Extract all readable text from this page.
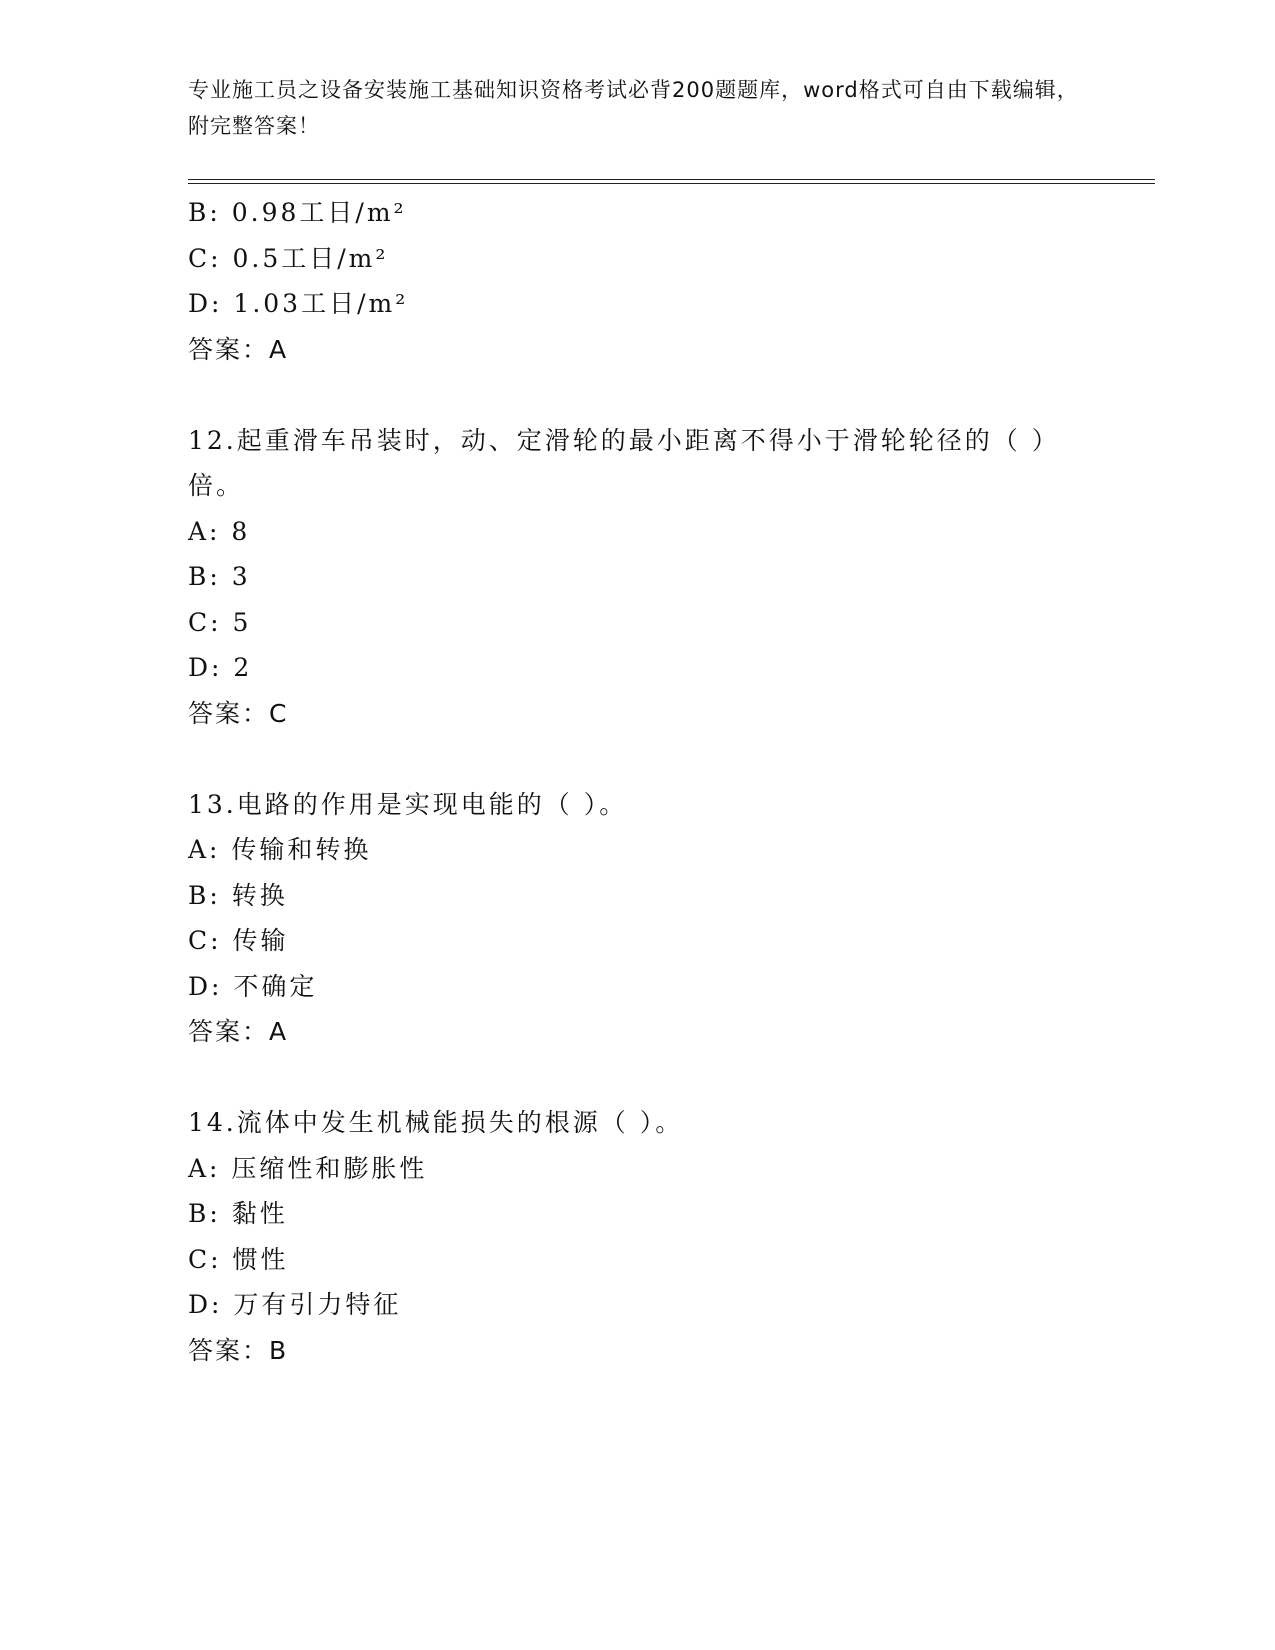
专业施工员之设备安装施工基础知识资格考试必背200题题库，word格式可自由下载编辑，附完整答案！
B: 0.98工日/m²
C: 0.5工日/m²
D: 1.03工日/m²
答案：A
12.起重滑车吊装时，动、定滑轮的最小距离不得小于滑轮轮径的（ ）倍。
A: 8
B: 3
C: 5
D: 2
答案：C
13.电路的作用是实现电能的（ ）。
A: 传输和转换
B: 转换
C: 传输
D: 不确定
答案：A
14.流体中发生机械能损失的根源（ ）。
A: 压缩性和膨胀性
B: 黏性
C: 惯性
D: 万有引力特征
答案：B
